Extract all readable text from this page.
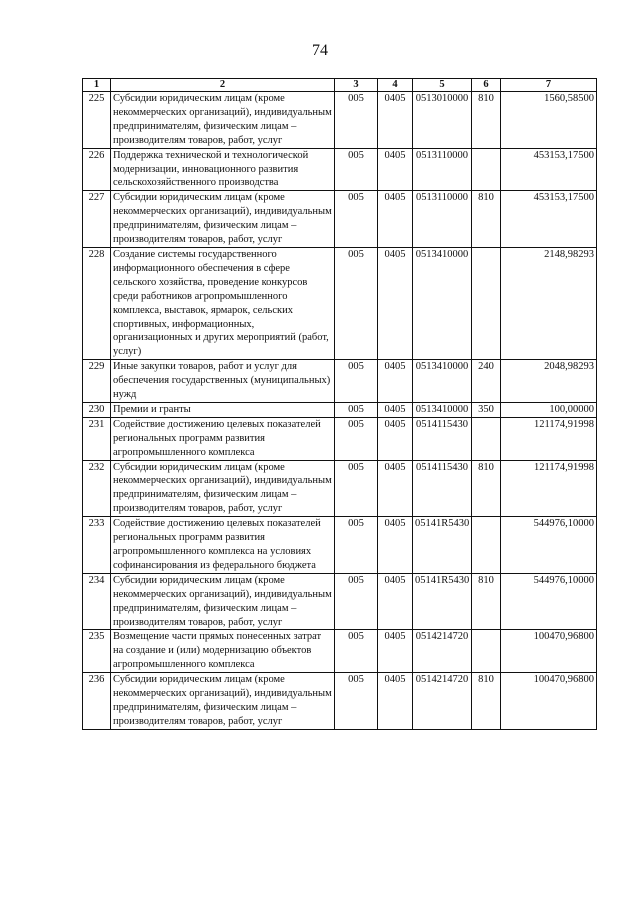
74
1	2	3	4	5	6	7
225	Субсидии юридическим лицам (кроме некоммерческих организаций), индивидуальным предпринимателям, физическим лицам – производителям товаров, работ, услуг	005	0405	0513010000	810	1560,58500
226	Поддержка технической и технологической модернизации, инновационного развития сельскохозяйственного производства	005	0405	0513110000		453153,17500
227	Субсидии юридическим лицам (кроме некоммерческих организаций), индивидуальным предпринимателям, физическим лицам – производителям товаров, работ, услуг	005	0405	0513110000	810	453153,17500
228	Создание системы государственного информационного обеспечения в сфере сельского хозяйства, проведение конкурсов среди работников агропромышленного комплекса, выставок, ярмарок, сельских спортивных, информационных, организационных и других мероприятий (работ, услуг)	005	0405	0513410000		2148,98293
229	Иные закупки товаров, работ и услуг для обеспечения государственных (муниципальных) нужд	005	0405	0513410000	240	2048,98293
230	Премии и гранты	005	0405	0513410000	350	100,00000
231	Содействие достижению целевых показателей региональных программ развития агропромышленного комплекса	005	0405	0514115430		121174,91998
232	Субсидии юридическим лицам (кроме некоммерческих организаций), индивидуальным предпринимателям, физическим лицам – производителям товаров, работ, услуг	005	0405	0514115430	810	121174,91998
233	Содействие достижению целевых показателей региональных программ развития агропромышленного комплекса на условиях софинансирования из федерального бюджета	005	0405	05141R5430		544976,10000
234	Субсидии юридическим лицам (кроме некоммерческих организаций), индивидуальным предпринимателям, физическим лицам – производителям товаров, работ, услуг	005	0405	05141R5430	810	544976,10000
235	Возмещение части прямых понесенных затрат на создание и (или) модернизацию объектов агропромышленного комплекса	005	0405	0514214720		100470,96800
236	Субсидии юридическим лицам (кроме некоммерческих организаций), индивидуальным предпринимателям, физическим лицам – производителям товаров, работ, услуг	005	0405	0514214720	810	100470,96800
